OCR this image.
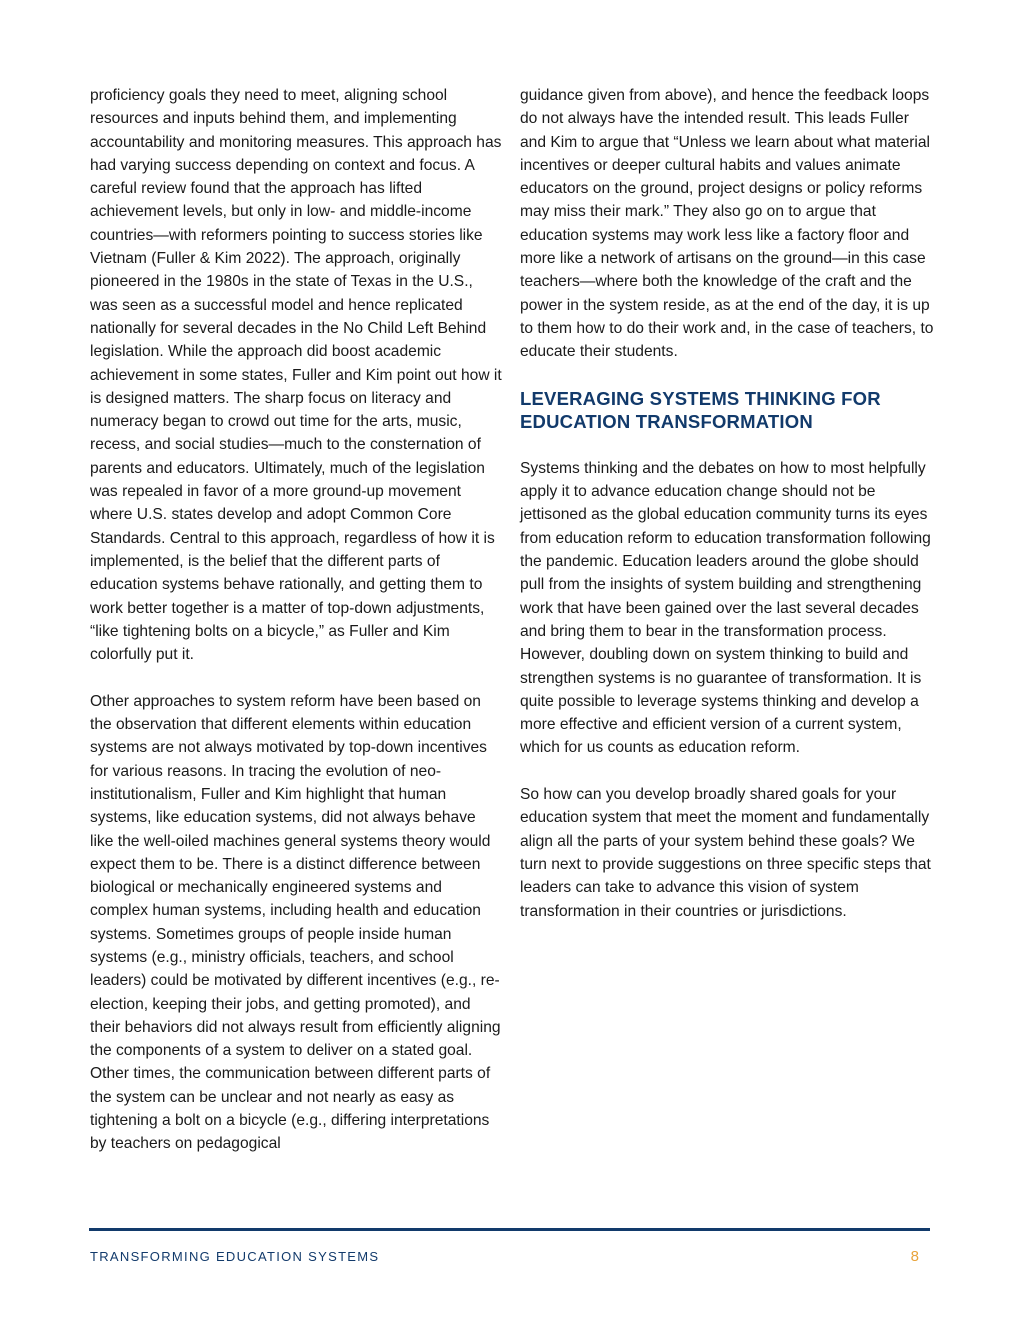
proficiency goals they need to meet, aligning school resources and inputs behind them, and implementing accountability and monitoring measures. This approach has had varying success depending on context and focus. A careful review found that the approach has lifted achievement levels, but only in low- and middle-income countries—with reformers pointing to success stories like Vietnam (Fuller & Kim 2022). The approach, originally pioneered in the 1980s in the state of Texas in the U.S., was seen as a successful model and hence replicated nationally for several decades in the No Child Left Behind legislation. While the approach did boost academic achievement in some states, Fuller and Kim point out how it is designed matters. The sharp focus on literacy and numeracy began to crowd out time for the arts, music, recess, and social studies—much to the consternation of parents and educators. Ultimately, much of the legislation was repealed in favor of a more ground-up movement where U.S. states develop and adopt Common Core Standards. Central to this approach, regardless of how it is implemented, is the belief that the different parts of education systems behave rationally, and getting them to work better together is a matter of top-down adjustments, “like tightening bolts on a bicycle,” as Fuller and Kim colorfully put it.

Other approaches to system reform have been based on the observation that different elements within education systems are not always motivated by top-down incentives for various reasons. In tracing the evolution of neo-institutionalism, Fuller and Kim highlight that human systems, like education systems, did not always behave like the well-oiled machines general systems theory would expect them to be. There is a distinct difference between biological or mechanically engineered systems and complex human systems, including health and education systems. Sometimes groups of people inside human systems (e.g., ministry officials, teachers, and school leaders) could be motivated by different incentives (e.g., re-election, keeping their jobs, and getting promoted), and their behaviors did not always result from efficiently aligning the components of a system to deliver on a stated goal. Other times, the communication between different parts of the system can be unclear and not nearly as easy as tightening a bolt on a bicycle (e.g., differing interpretations by teachers on pedagogical

guidance given from above), and hence the feedback loops do not always have the intended result. This leads Fuller and Kim to argue that “Unless we learn about what material incentives or deeper cultural habits and values animate educators on the ground, project designs or policy reforms may miss their mark.” They also go on to argue that education systems may work less like a factory floor and more like a network of artisans on the ground—in this case teachers—where both the knowledge of the craft and the power in the system reside, as at the end of the day, it is up to them how to do their work and, in the case of teachers, to educate their students.

LEVERAGING SYSTEMS THINKING FOR EDUCATION TRANSFORMATION

Systems thinking and the debates on how to most helpfully apply it to advance education change should not be jettisoned as the global education community turns its eyes from education reform to education transformation following the pandemic. Education leaders around the globe should pull from the insights of system building and strengthening work that have been gained over the last several decades and bring them to bear in the transformation process. However, doubling down on system thinking to build and strengthen systems is no guarantee of transformation. It is quite possible to leverage systems thinking and develop a more effective and efficient version of a current system, which for us counts as education reform.

So how can you develop broadly shared goals for your education system that meet the moment and fundamentally align all the parts of your system behind these goals? We turn next to provide suggestions on three specific steps that leaders can take to advance this vision of system transformation in their countries or jurisdictions.

TRANSFORMING EDUCATION SYSTEMS	8
